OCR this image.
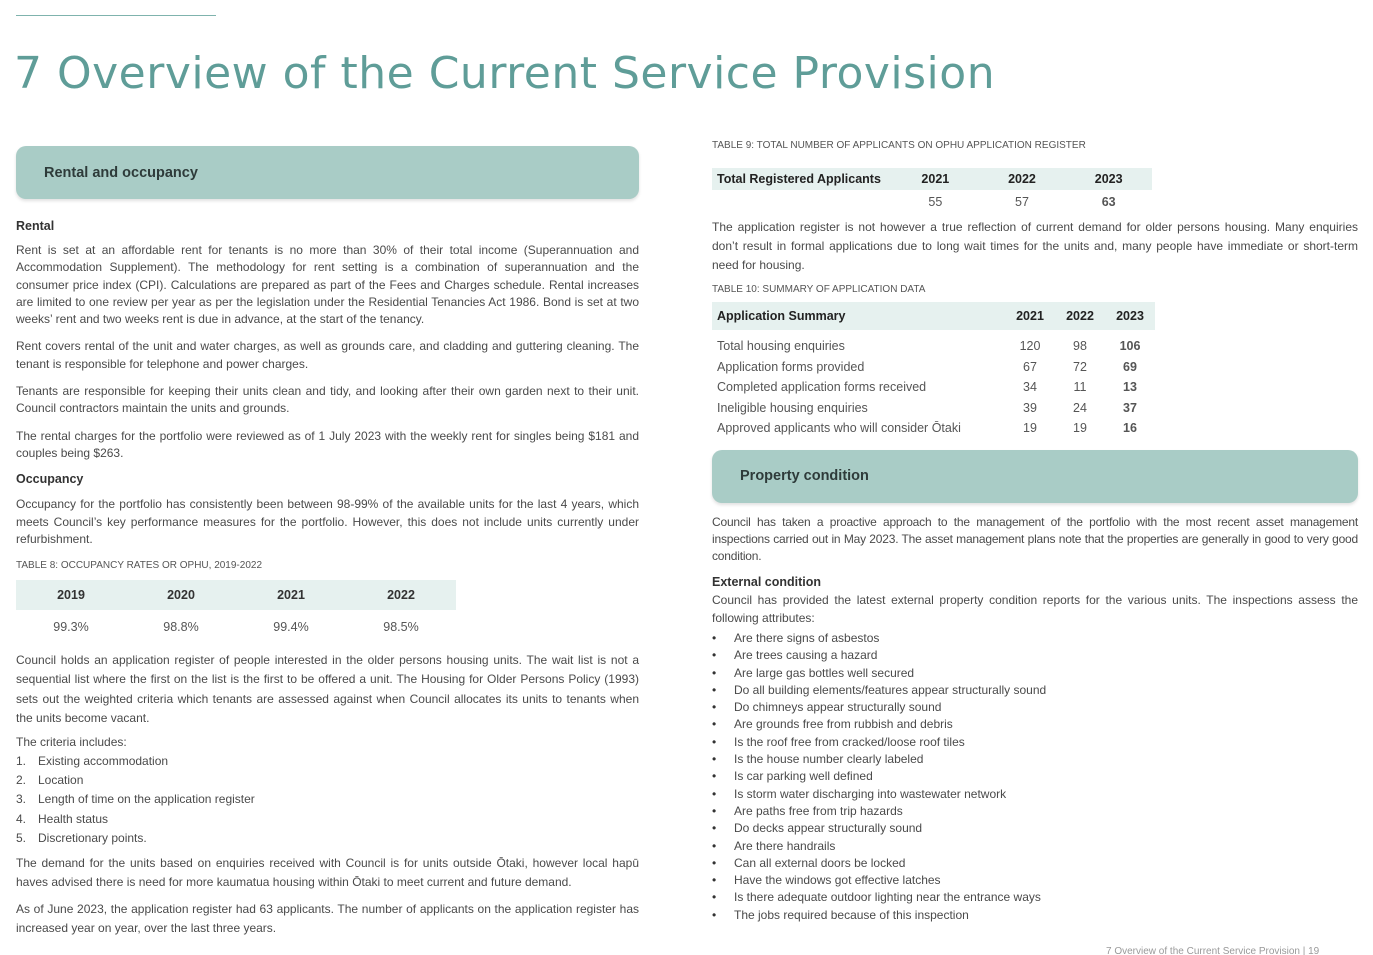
7 Overview of the Current Service Provision
Rental and occupancy
Rental

Rent is set at an affordable rent for tenants is no more than 30% of their total income (Superannuation and Accommodation Supplement). The methodology for rent setting is a combination of superannuation and the consumer price index (CPI). Calculations are prepared as part of the Fees and Charges schedule. Rental increases are limited to one review per year as per the legislation under the Residential Tenancies Act 1986. Bond is set at two weeks’ rent and two weeks rent is due in advance, at the start of the tenancy.

Rent covers rental of the unit and water charges, as well as grounds care, and cladding and guttering cleaning. The tenant is responsible for telephone and power charges.

Tenants are responsible for keeping their units clean and tidy, and looking after their own garden next to their unit. Council contractors maintain the units and grounds.

The rental charges for the portfolio were reviewed as of 1 July 2023 with the weekly rent for singles being $181 and couples being $263.

Occupancy

Occupancy for the portfolio has consistently been between 98-99% of the available units for the last 4 years, which meets Council’s key performance measures for the portfolio. However, this does not include units currently under refurbishment.

TABLE 8: OCCUPANCY RATES OR OPHU, 2019-2022
2019	2020	2021	2022
99.3%	98.8%	99.4%	98.5%

Council holds an application register of people interested in the older persons housing units. The wait list is not a sequential list where the first on the list is the first to be offered a unit. The Housing for Older Persons Policy (1993) sets out the weighted criteria which tenants are assessed against when Council allocates its units to tenants when the units become vacant.

The criteria includes:

1. Existing accommodation
2. Location
3. Length of time on the application register
4. Health status
5. Discretionary points.

The demand for the units based on enquiries received with Council is for units outside Ōtaki, however local hapū haves advised there is need for more kaumatua housing within Ōtaki to meet current and future demand.

As of June 2023, the application register had 63 applicants. The number of applicants on the application register has increased year on year, over the last three years.

TABLE 9: TOTAL NUMBER OF APPLICANTS ON OPHU APPLICATION REGISTER
Total Registered Applicants	2021	2022	2023
	55	57	63

The application register is not however a true reflection of current demand for older persons housing. Many enquiries don’t result in formal applications due to long wait times for the units and, many people have immediate or short-term need for housing.

TABLE 10: SUMMARY OF APPLICATION DATA
Application Summary	2021	2022	2023

Total housing enquiries	120	98	106
Application forms provided	67	72	69
Completed application forms received	34	11	13
Ineligible housing enquiries	39	24	37
Approved applicants who will consider Ōtaki	19	19	16
Property condition

Council has taken a proactive approach to the management of the portfolio with the most recent asset management inspections carried out in May 2023. The asset management plans note that the properties are generally in good to very good condition.

External condition

Council has provided the latest external property condition reports for the various units. The inspections assess the following attributes:

• Are there signs of asbestos
• Are trees causing a hazard
• Are large gas bottles well secured
• Do all building elements/features appear structurally sound
• Do chimneys appear structurally sound
• Are grounds free from rubbish and debris
• Is the roof free from cracked/loose roof tiles
• Is the house number clearly labeled
• Is car parking well defined
• Is storm water discharging into wastewater network
• Are paths free from trip hazards
• Do decks appear structurally sound
• Are there handrails
• Can all external doors be locked
• Have the windows got effective latches
• Is there adequate outdoor lighting near the entrance ways
• The jobs required because of this inspection
7 Overview of the Current Service Provision | 19
